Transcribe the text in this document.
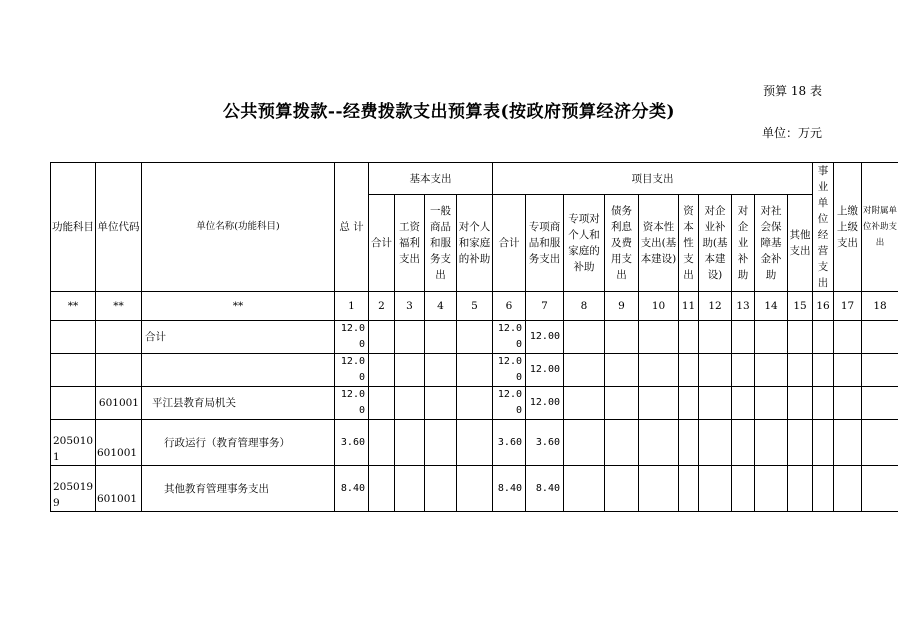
预算 18 表
公共预算拨款--经费拨款支出预算表(按政府预算经济分类)
单位：万元
功能科目	单位代码	单位名称(功能科目)	总 计	基本支出				项目支出										事业单位经营支出	上缴上级支出	对附属单位补助支出
				合计	工资福利支出	一般商品和服务支出	对个人和家庭的补助	合计	专项商品和服务支出	专项对个人和家庭的补助	债务利息及费用支出	资本性支出(基本建设)	资本性支出	对企业补助(基本建设)	对企业补助	对社会保障基金补助	其他支出			
**	**	**	1	2	3	4	5	6	7	8	9	10	11	12	13	14	15	16	17	18
		合计	12.00					12.00	12.00											
			12.00					12.00	12.00											
	601001	平江县教育局机关	12.00					12.00	12.00											
2050101	601001	行政运行（教育管理事务）	3.60					3.60	3.60											
2050199	601001	其他教育管理事务支出	8.40					8.40	8.40											
